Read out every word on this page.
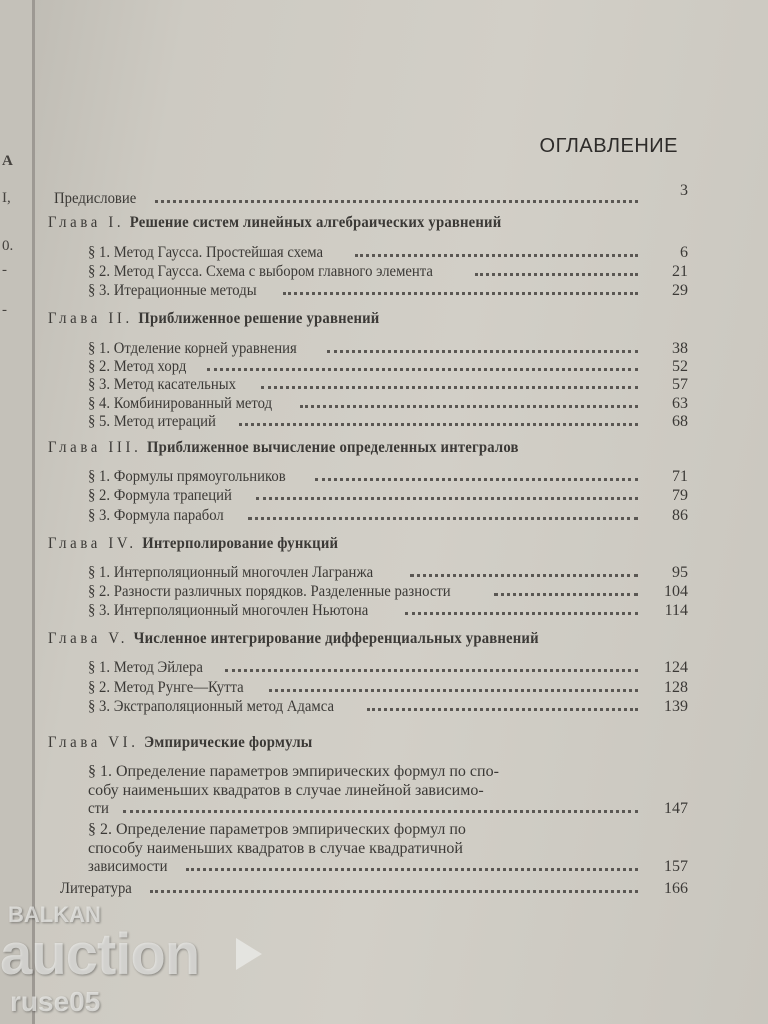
А
I,
0.
-
-
ОГЛАВЛЕНИЕ
Предисловие	3
Глава I. Решение систем линейных алгебраических уравнений
§ 1. Метод Гаусса. Простейшая схема	6
§ 2. Метод Гаусса. Схема с выбором главного элемента	21
§ 3. Итерационные методы	29
Глава II. Приближенное решение уравнений
§ 1. Отделение корней уравнения	38
§ 2. Метод хорд	52
§ 3. Метод касательных	57
§ 4. Комбинированный метод	63
§ 5. Метод итераций	68
Глава III. Приближенное вычисление определенных интегралов
§ 1. Формулы прямоугольников	71
§ 2. Формула трапеций	79
§ 3. Формула парабол	86
Глава IV. Интерполирование функций
§ 1. Интерполяционный многочлен Лагранжа	95
§ 2. Разности различных порядков. Разделенные разности	104
§ 3. Интерполяционный многочлен Ньютона	114
Глава V. Численное интегрирование дифференциальных уравнений
§ 1. Метод Эйлера	124
§ 2. Метод Рунге—Кутта	128
§ 3. Экстраполяционный метод Адамса	139
Глава VI. Эмпирические формулы
§ 1. Определение параметров эмпирических формул по спо-
собу наименьших квадратов в случае линейной зависимо-
сти	147
§ 2. Определение параметров эмпирических формул по
способу наименьших квадратов в случае квадратичной
зависимости	157
Литература	166
BALKAN
auction
ruse05
